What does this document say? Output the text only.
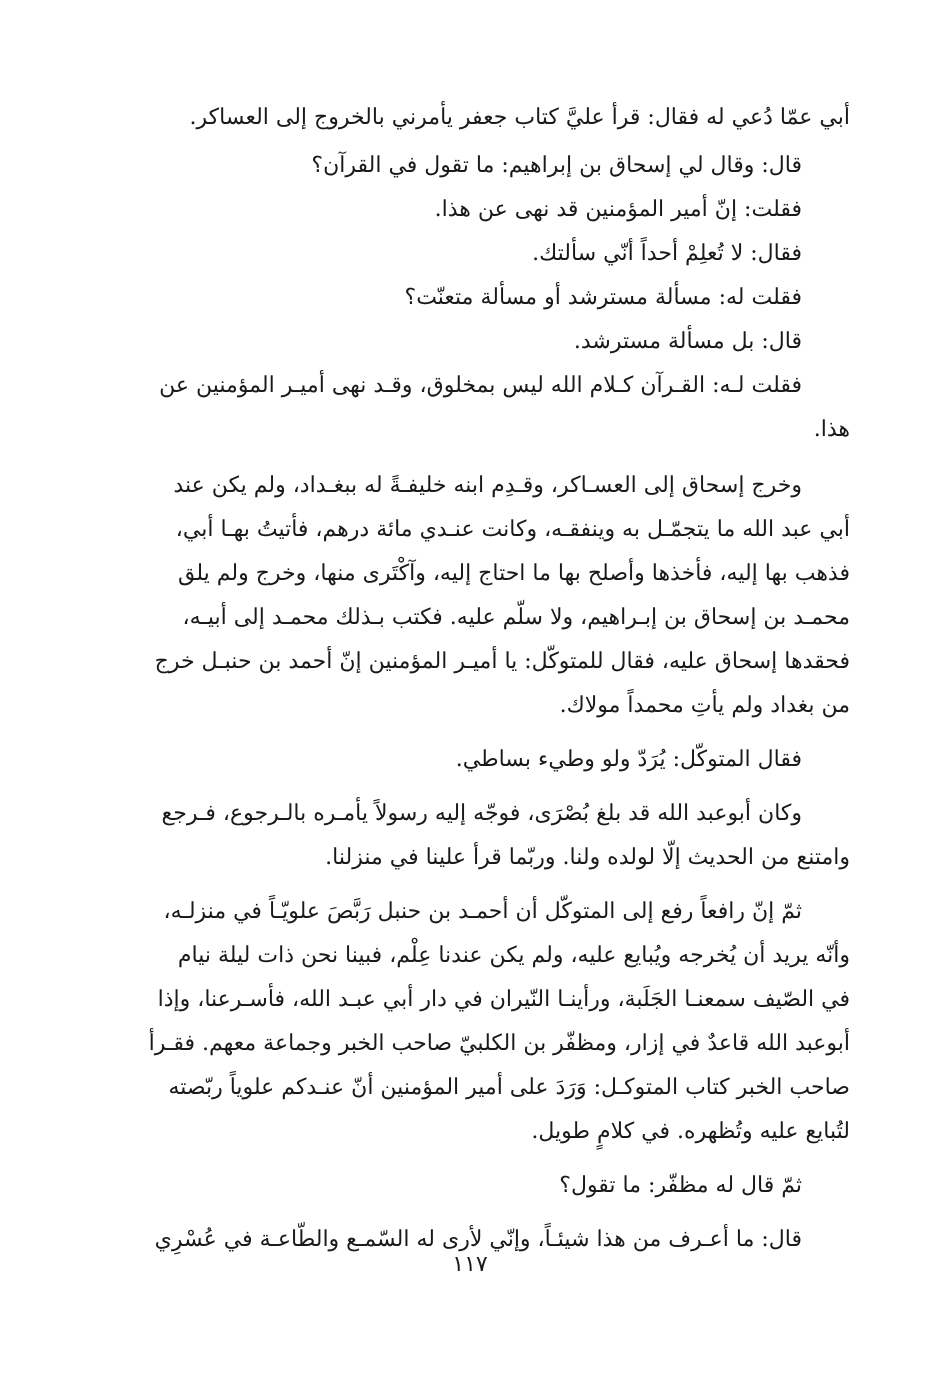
أبي عمّا دُعي له فقال: قرأ عليَّ كتاب جعفر يأمرني بالخروج إلى العساكر.
قال: وقال لي إسحاق بن إبراهيم: ما تقول في القرآن؟
فقلت: إنّ أمير المؤمنين قد نهى عن هذا.
فقال: لا تُعلِمْ أحداً أنّي سألتك.
فقلت له: مسألة مسترشد أو مسألة متعنّت؟
قال: بل مسألة مسترشد.
فقلت لـه: القـرآن كـلام الله ليس بمخلوق، وقـد نهى أميـر المؤمنين عن
هذا.
وخرج إسحاق إلى العسـاكر، وقـدِم ابنه خليفـةً له ببغـداد، ولم يكن عند
أبي عبد الله ما يتجمّـل به وينفقـه، وكانت عنـدي مائة درهم، فأتيتُ بهـا أبي،
فذهب بها إليه، فأخذها وأصلح بها ما احتاج إليه، وآكْتَرى منها، وخرج ولم يلق
محمـد بن إسحاق بن إبـراهيم، ولا سلّم عليه. فكتب بـذلك محمـد إلى أبيـه،
فحقدها إسحاق عليه، فقال للمتوكّل: يا أميـر المؤمنين إنّ أحمد بن حنبـل خرج
من بغداد ولم يأتِ محمداً مولاك.
فقال المتوكّل: يُرَدّ ولو وطيء بساطي.
وكان أبوعبد الله قد بلغ بُصْرَى، فوجّه إليه رسولاً يأمـره بالـرجوع، فـرجع
وامتنع من الحديث إلّا لولده ولنا. وربّما قرأ علينا في منزلنا.
ثمّ إنّ رافعاً رفع إلى المتوكّل أن أحمـد بن حنبل رَبَّصَ علويّـاً في منزلـه،
وأنّه يريد أن يُخرجه ويُبايع عليه، ولم يكن عندنا عِلْم، فبينا نحن ذات ليلة نيام
في الصّيف سمعنـا الجَلَبة، ورأينـا النّيران في دار أبي عبـد الله، فأسـرعنا، وإذا
أبوعبد الله قاعدٌ في إزار، ومظفّر بن الكلبيّ صاحب الخبر وجماعة معهم. فقـرأ
صاحب الخبر كتاب المتوكـل: وَرَدَ على أمير المؤمنين أنّ عنـدكم علوياً ربّصته
لتُبايع عليه وتُظهره. في كلامٍ طويل.
ثمّ قال له مظفّر: ما تقول؟
قال: ما أعـرف من هذا شيئـاً، وإنّي لأرى له السّمـع والطّاعـة في عُسْرِي
١١٧
